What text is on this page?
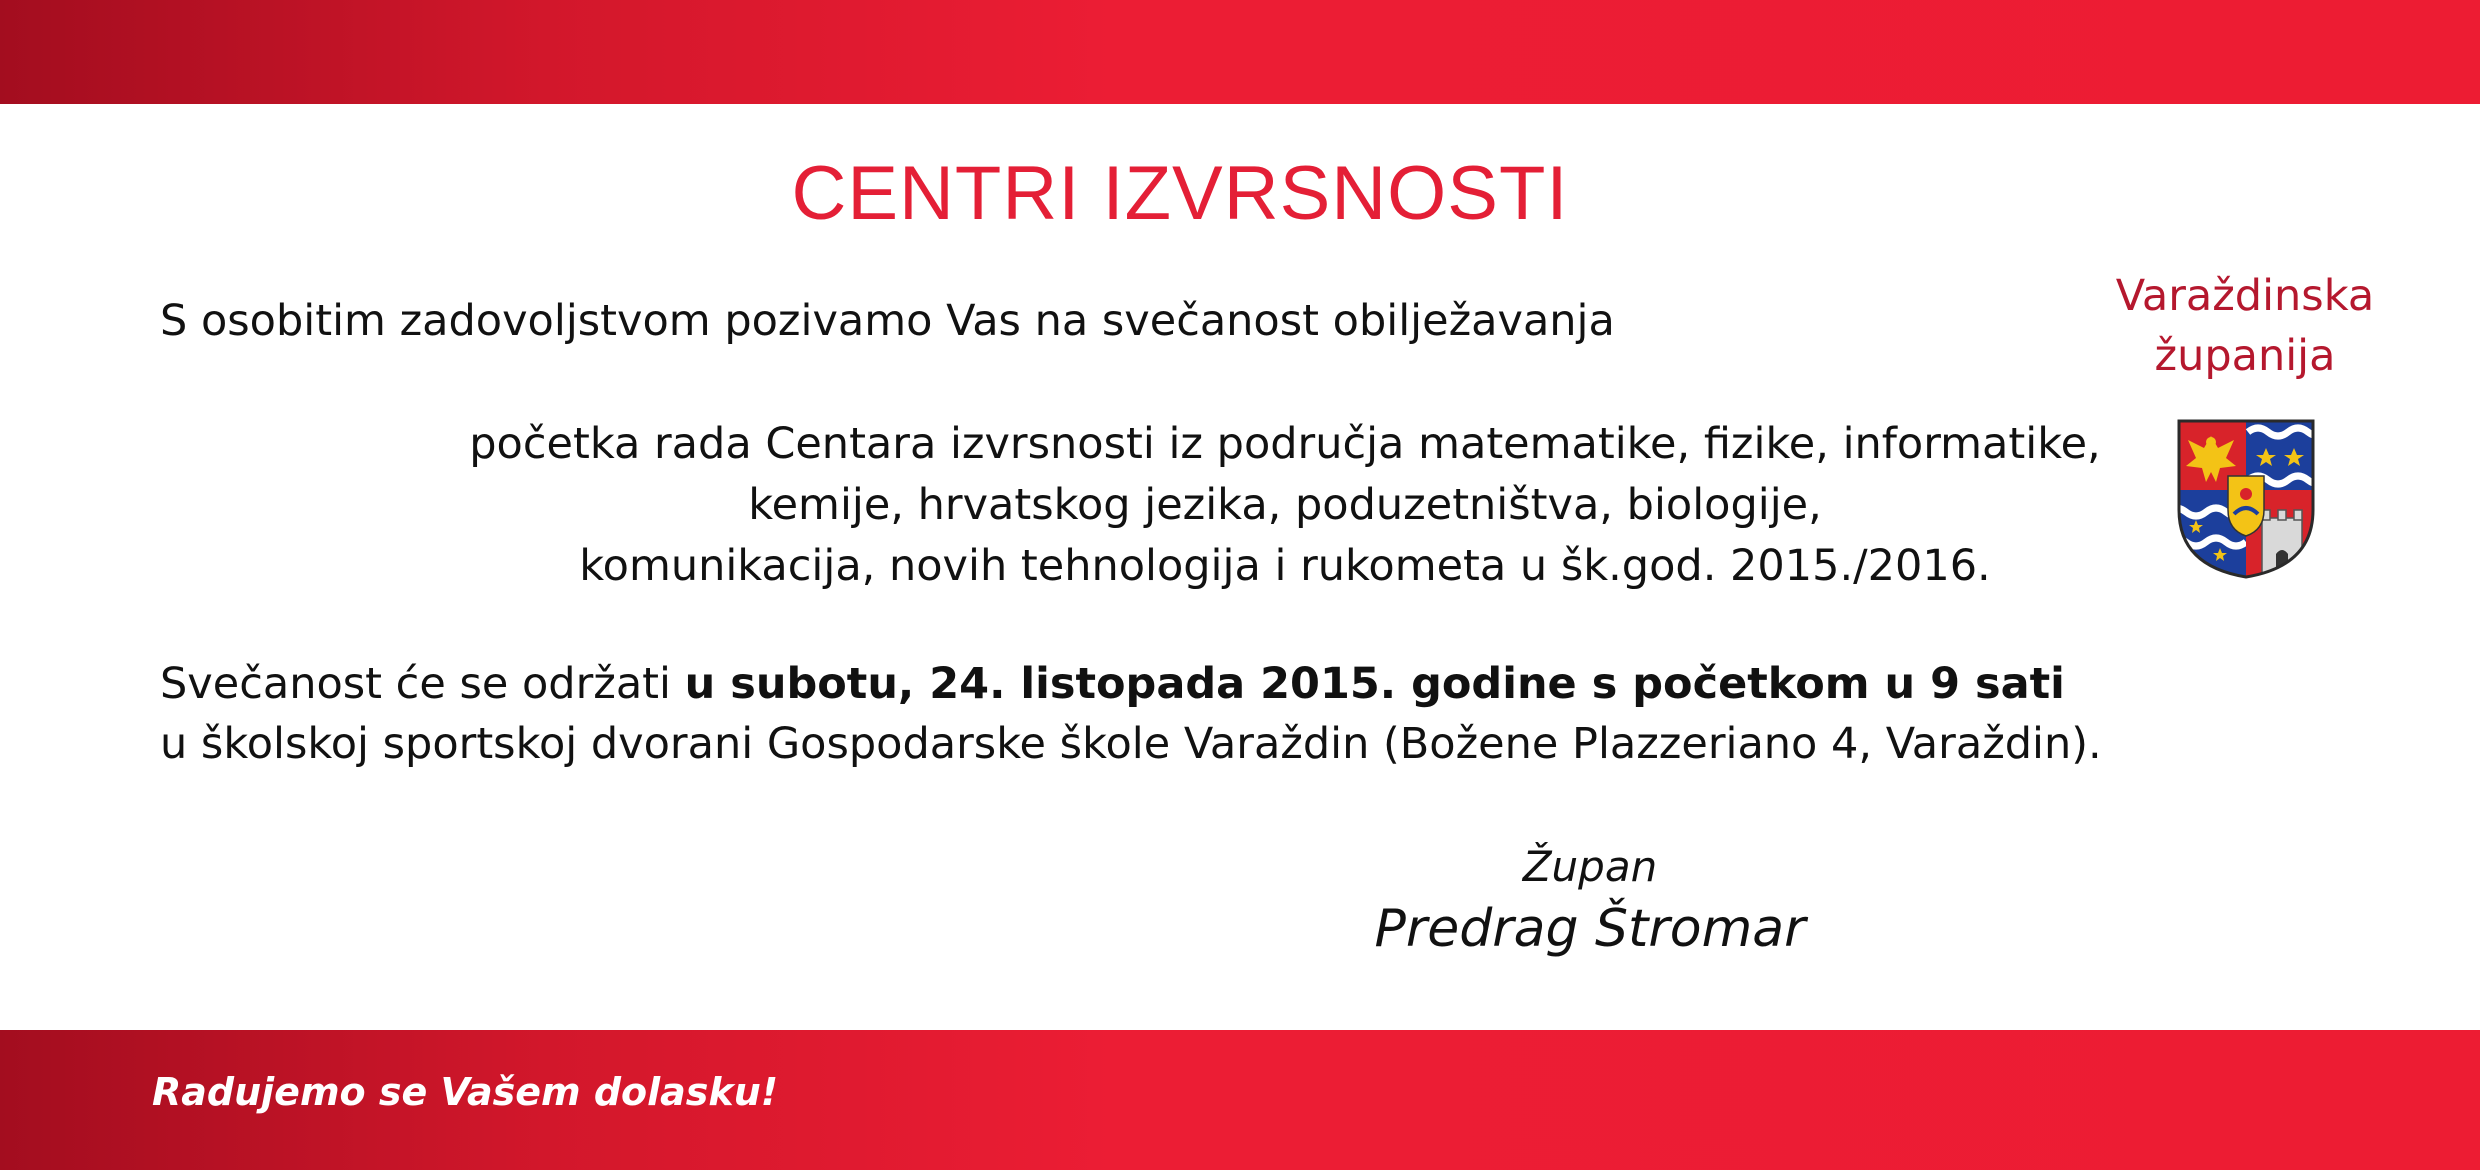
CENTRI IZVRSNOSTI
S osobitim zadovoljstvom pozivamo Vas na svečanost obilježavanja
početka rada Centara izvrsnosti iz područja matematike, fizike, informatike,
kemije, hrvatskog jezika, poduzetništva, biologije,
komunikacija, novih tehnologija i rukometa u šk.god. 2015./2016.
Svečanost će se održati u subotu, 24. listopada 2015. godine s početkom u 9 sati
u školskoj sportskoj dvorani Gospodarske škole Varaždin (Božene Plazzeriano 4, Varaždin).
Župan
Predrag Štromar
Varaždinska
županija
Radujemo se Vašem dolasku!
